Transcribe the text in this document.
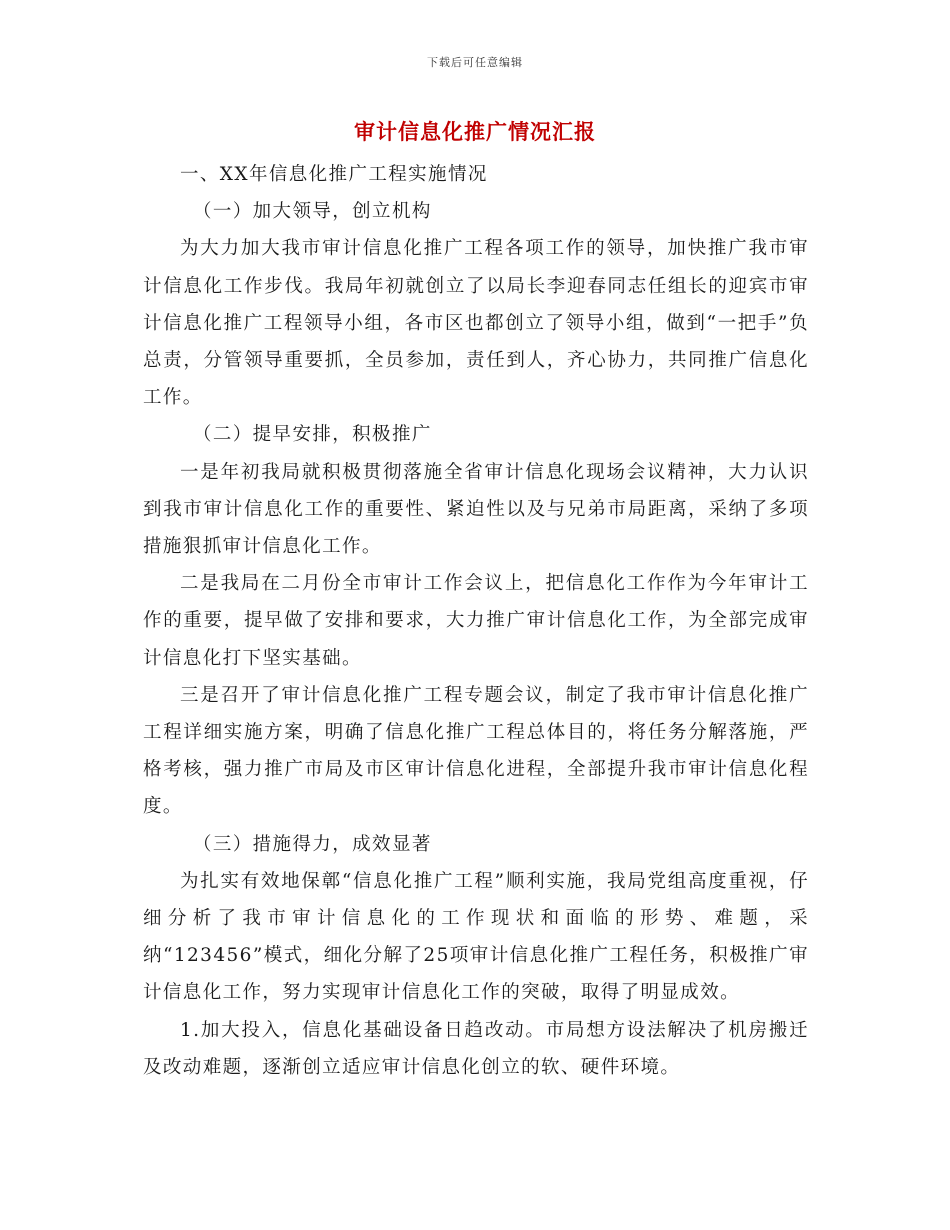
下载后可任意编辑
审计信息化推广情况汇报

一、XX年信息化推广工程实施情况

（一）加大领导，创立机构

为大力加大我市审计信息化推广工程各项工作的领导，加快推广我市审计信息化工作步伐。我局年初就创立了以局长李迎春同志任组长的迎宾市审计信息化推广工程领导小组，各市区也都创立了领导小组，做到“一把手”负总责，分管领导重要抓，全员参加，责任到人，齐心协力，共同推广信息化工作。

（二）提早安排，积极推广

一是年初我局就积极贯彻落施全省审计信息化现场会议精神，大力认识到我市审计信息化工作的重要性、紧迫性以及与兄弟市局距离，采纳了多项措施狠抓审计信息化工作。

二是我局在二月份全市审计工作会议上，把信息化工作作为今年审计工作的重要，提早做了安排和要求，大力推广审计信息化工作，为全部完成审计信息化打下坚实基础。

三是召开了审计信息化推广工程专题会议，制定了我市审计信息化推广工程详细实施方案，明确了信息化推广工程总体目的，将任务分解落施，严格考核，强力推广市局及市区审计信息化进程，全部提升我市审计信息化程度。

（三）措施得力，成效显著

为扎实有效地保鄣“信息化推广工程”顺利实施，我局党组高度重视，仔细分析了我市审计信息化的工作现状和面临的形势、难题，采纳“123456”模式，细化分解了25项审计信息化推广工程任务，积极推广审计信息化工作，努力实现审计信息化工作的突破，取得了明显成效。

1.加大投入，信息化基础设备日趋改动。市局想方设法解决了机房搬迁及改动难题，逐渐创立适应审计信息化创立的软、硬件环境。
